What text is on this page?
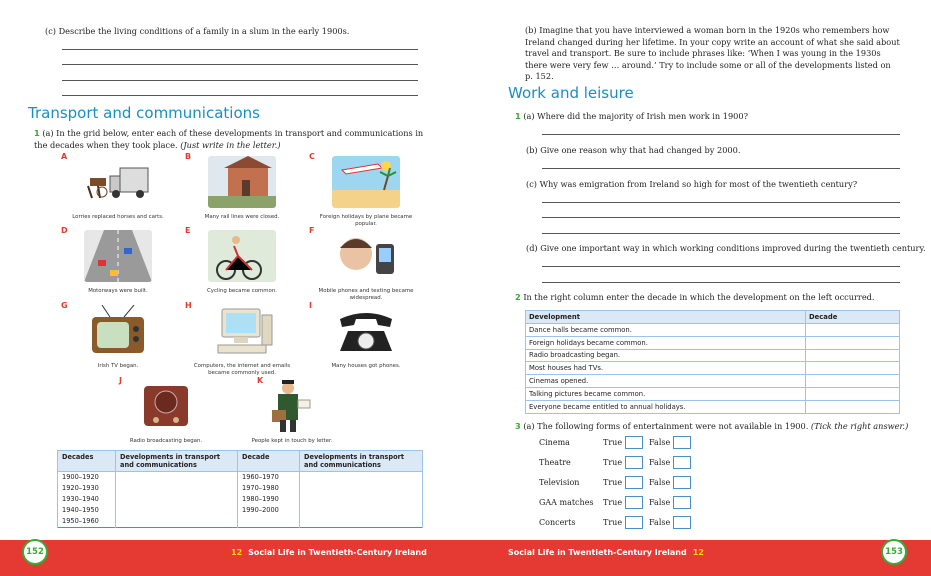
(c) Describe the living conditions of a family in a slum in the early 1900s.
Transport and communications
1 (a) In the grid below, enter each of these developments in transport and communications in the decades when they took place. (Just write in the letter.)
A
Lorries replaced horses and carts.
B
Many rail lines were closed.
C
Foreign holidays by plane became popular.
D
Motorways were built.
E
Cycling became common.
F
Mobile phones and texting became widespread.
G
Irish TV began.
H
Computers, the internet and emails became commonly used.
I
Many houses got phones.
J
Radio broadcasting began.
K
People kept in touch by letter.
Decades	Developments in transport and communications	Decade	Developments in transport and communications
1900–1920		1960–1970	
1920–1930		1970–1980	
1930–1940		1980–1990	
1940–1950		1990–2000	
1950–1960			
(b) Imagine that you have interviewed a woman born in the 1920s who remembers how Ireland changed during her lifetime. In your copy write an account of what she said about travel and transport. Be sure to include phrases like: ‘When I was young in the 1930s there were very few … around.’ Try to include some or all of the developments listed on p. 152.
Work and leisure
1 (a) Where did the majority of Irish men work in 1900?
(b) Give one reason why that had changed by 2000.
(c) Why was emigration from Ireland so high for most of the twentieth century?
(d) Give one important way in which working conditions improved during the twentieth century.
2 In the right column enter the decade in which the development on the left occurred.
3 (a) The following forms of entertainment were not available in 1900. (Tick the right answer.)
Cinema	True	False
Theatre	True	False
Television	True	False
GAA matches	True	False
Concerts	True	False
Development	Decade
Dance halls became common.	
Foreign holidays became common.	
Radio broadcasting began.	
Most houses had TVs.	
Cinemas opened.	
Talking pictures became common.	
Everyone became entitled to annual holidays.	
152	12 Social Life in Twentieth-Century Ireland	Social Life in Twentieth-Century Ireland 12	153
